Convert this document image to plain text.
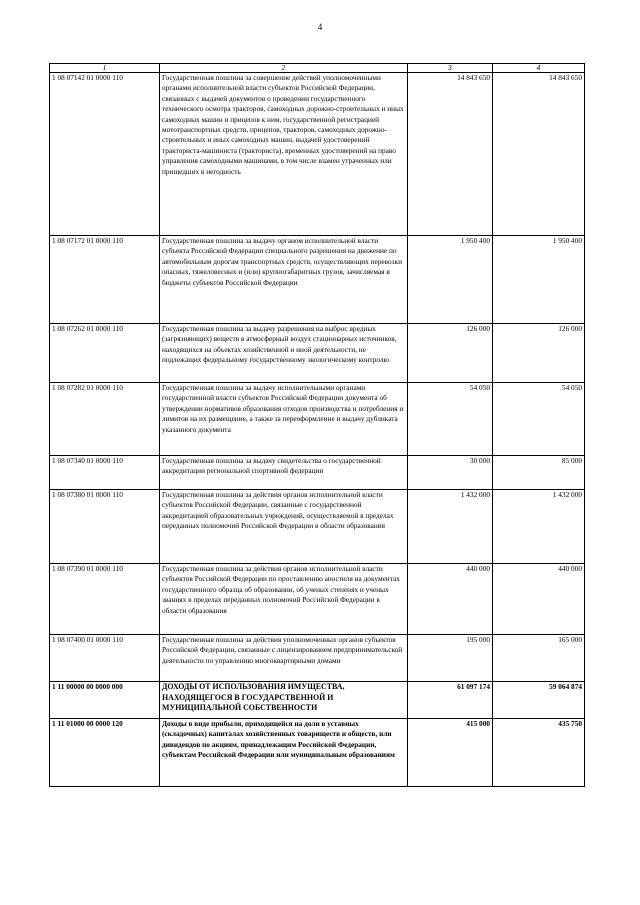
4
1	2	3	4
1 08 07142 01 0000 110	Государственная пошлина за совершение действий уполномоченными органами исполнительной власти субъектов Российской Федерации, связанных с выдачей документов о проведении государственного технического осмотра тракторов, самоходных дорожно-строительных и иных самоходных машин и прицепов к ним, государственной регистрацией мототранспортных средств, прицепов, тракторов, самоходных дорожно-строительных и иных самоходных машин, выдачей удостоверений тракториста-машиниста (тракториста), временных удостоверений на право управления самоходными машинами, в том числе взамен утраченных или пришедших в негодность	14 843 650	14 843 650
1 08 07172 01 0000 110	Государственная пошлина за выдачу органом исполнительной власти субъекта Российской Федерации специального разрешения на движение по автомобильным дорогам транспортных средств, осуществляющих перевозки опасных, тяжеловесных и (или) крупногабаритных грузов, зачисляемая в бюджеты субъектов Российской Федерации	1 950 400	1 950 400
1 08 07262 01 0000 110	Государственная пошлина за выдачу разрешения на выброс вредных (загрязняющих) веществ в атмосферный воздух стационарных источников, находящихся на объектах хозяйственной и иной деятельности, не подлежащих федеральному государственному экологическому контролю	126 000	126 000
1 08 07282 01 0000 110	Государственная пошлина за выдачу исполнительными органами государственной власти субъектов Российской Федерации документа об утверждении нормативов образования отходов производства и потребления и лимитов на их размещение, а также за переоформление и выдачу дубликата указанного документа	54 050	54 050
1 08 07340 01 0000 110	Государственная пошлина за выдачу свидетельства о государственной аккредитации региональной спортивной федерации	30 000	85 000
1 08 07380 01 0000 110	Государственная пошлина за действия органов исполнительной власти субъектов Российской Федерации, связанные с государственной аккредитацией образовательных учреждений, осуществляемой в пределах переданных полномочий Российской Федерации в области образования	1 432 000	1 432 000
1 08 07390 01 0000 110	Государственная пошлина за действия органов исполнительной власти субъектов Российской Федерации по проставлению апостиля на документах государственного образца об образовании, об ученых степенях и ученых званиях в пределах переданных полномочий Российской Федерации в области образования	440 000	440 000
1 08 07400 01 0000 110	Государственная пошлина за действия уполномоченных органов субъектов Российской Федерации, связанные с лицензированием предпринимательской деятельности по управлению многоквартирными домами	195 000	165 000
1 11 00000 00 0000 000	ДОХОДЫ ОТ ИСПОЛЬЗОВАНИЯ ИМУЩЕСТВА, НАХОДЯЩЕГОСЯ В ГОСУДАРСТВЕННОЙ И МУНИЦИПАЛЬНОЙ СОБСТВЕННОСТИ	61 097 174	59 064 874
1 11 01000 00 0000 120	Доходы в виде прибыли, приходящейся на доли в уставных (складочных) капиталах хозяйственных товариществ и обществ, или дивидендов по акциям, принадлежащим Российской Федерации, субъектам Российской Федерации или муниципальным образованиям	415 000	435 750
